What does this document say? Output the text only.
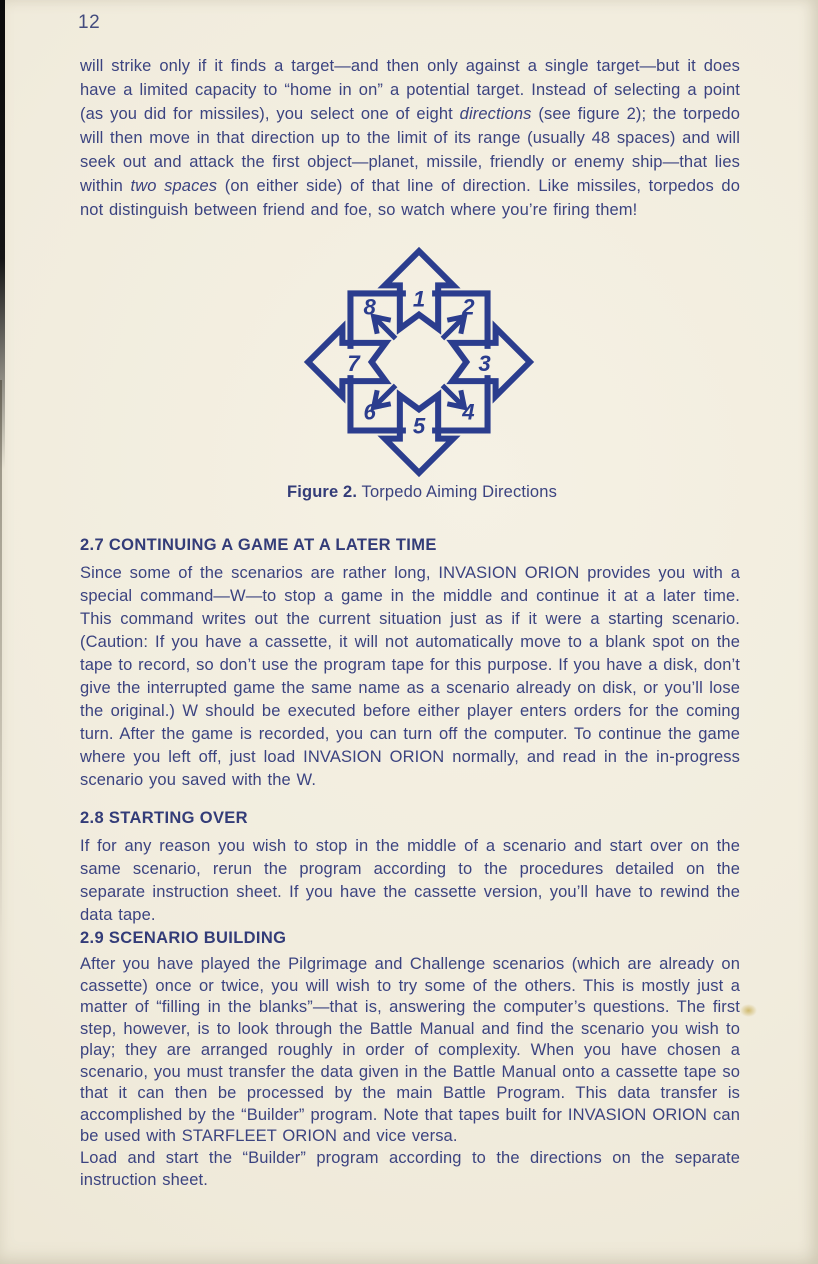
12

will strike only if it finds a target—and then only against a single target—but it does have a limited capacity to “home in on” a potential target. Instead of selecting a point (as you did for missiles), you select one of eight directions (see figure 2); the torpedo will then move in that direction up to the limit of its range (usually 48 spaces) and will seek out and attack the first object—planet, missile, friendly or enemy ship—that lies within two spaces (on either side) of that line of direction. Like missiles, torpedos do not distinguish between friend and foe, so watch where you’re firing them!

1 2
3
4
5
6
7
8
Figure 2. Torpedo Aiming Directions
2.7 CONTINUING A GAME AT A LATER TIME

Since some of the scenarios are rather long, INVASION ORION provides you with a special command—W—to stop a game in the middle and continue it at a later time. This command writes out the current situation just as if it were a starting scenario. (Caution: If you have a cassette, it will not automatically move to a blank spot on the tape to record, so don’t use the program tape for this purpose. If you have a disk, don’t give the interrupted game the same name as a scenario already on disk, or you’ll lose the original.) W should be executed before either player enters orders for the coming turn. After the game is recorded, you can turn off the computer. To continue the game where you left off, just load INVASION ORION normally, and read in the in-progress scenario you saved with the W.

2.8 STARTING OVER

If for any reason you wish to stop in the middle of a scenario and start over on the same scenario, rerun the program according to the procedures detailed on the separate instruction sheet. If you have the cassette version, you’ll have to rewind the data tape.

2.9 SCENARIO BUILDING

After you have played the Pilgrimage and Challenge scenarios (which are already on cassette) once or twice, you will wish to try some of the others. This is mostly just a matter of “filling in the blanks”—that is, answering the computer’s questions. The first step, however, is to look through the Battle Manual and find the scenario you wish to play; they are arranged roughly in order of complexity. When you have chosen a scenario, you must transfer the data given in the Battle Manual onto a cassette tape so that it can then be processed by the main Battle Program. This data transfer is accomplished by the “Builder” program. Note that tapes built for INVASION ORION can be used with STARFLEET ORION and vice versa.

Load and start the “Builder” program according to the directions on the separate instruction sheet.
